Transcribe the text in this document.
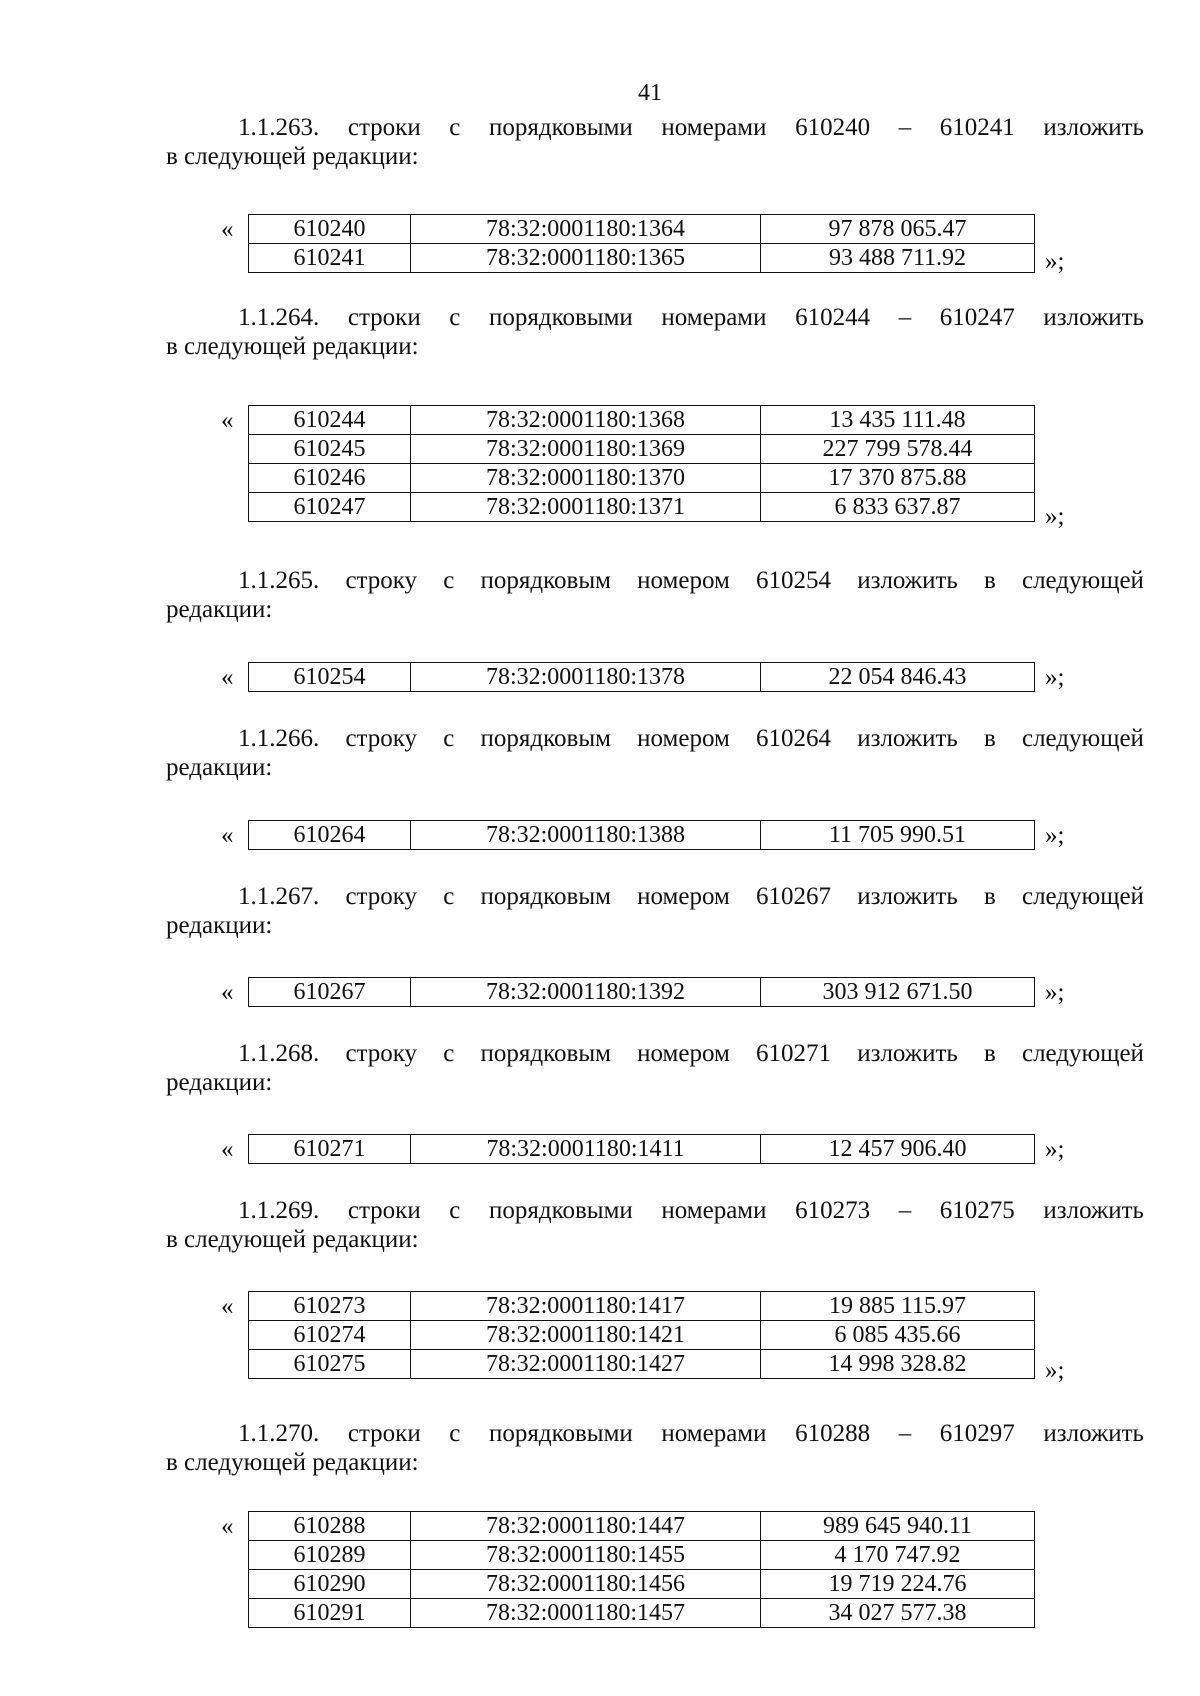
41
1.1.263. строки с порядковыми номерами 610240 – 610241 изложить
в следующей редакции:
«	610240	78:32:0001180:1364	97 878 065.47
610241	78:32:0001180:1365	93 488 711.92	»;
1.1.264. строки с порядковыми номерами 610244 – 610247 изложить
в следующей редакции:
«	610244	78:32:0001180:1368	13 435 111.48
610245	78:32:0001180:1369	227 799 578.44
610246	78:32:0001180:1370	17 370 875.88
610247	78:32:0001180:1371	6 833 637.87	»;
1.1.265. строку с порядковым номером 610254 изложить в следующей
редакции:
«	610254	78:32:0001180:1378	22 054 846.43	»;
1.1.266. строку с порядковым номером 610264 изложить в следующей
редакции:
«	610264	78:32:0001180:1388	11 705 990.51	»;
1.1.267. строку с порядковым номером 610267 изложить в следующей
редакции:
«	610267	78:32:0001180:1392	303 912 671.50	»;
1.1.268. строку с порядковым номером 610271 изложить в следующей
редакции:
«	610271	78:32:0001180:1411	12 457 906.40	»;
1.1.269. строки с порядковыми номерами 610273 – 610275 изложить
в следующей редакции:
«	610273	78:32:0001180:1417	19 885 115.97
610274	78:32:0001180:1421	6 085 435.66
610275	78:32:0001180:1427	14 998 328.82	»;
1.1.270. строки с порядковыми номерами 610288 – 610297 изложить
в следующей редакции:
«	610288	78:32:0001180:1447	989 645 940.11
610289	78:32:0001180:1455	4 170 747.92
610290	78:32:0001180:1456	19 719 224.76
610291	78:32:0001180:1457	34 027 577.38
